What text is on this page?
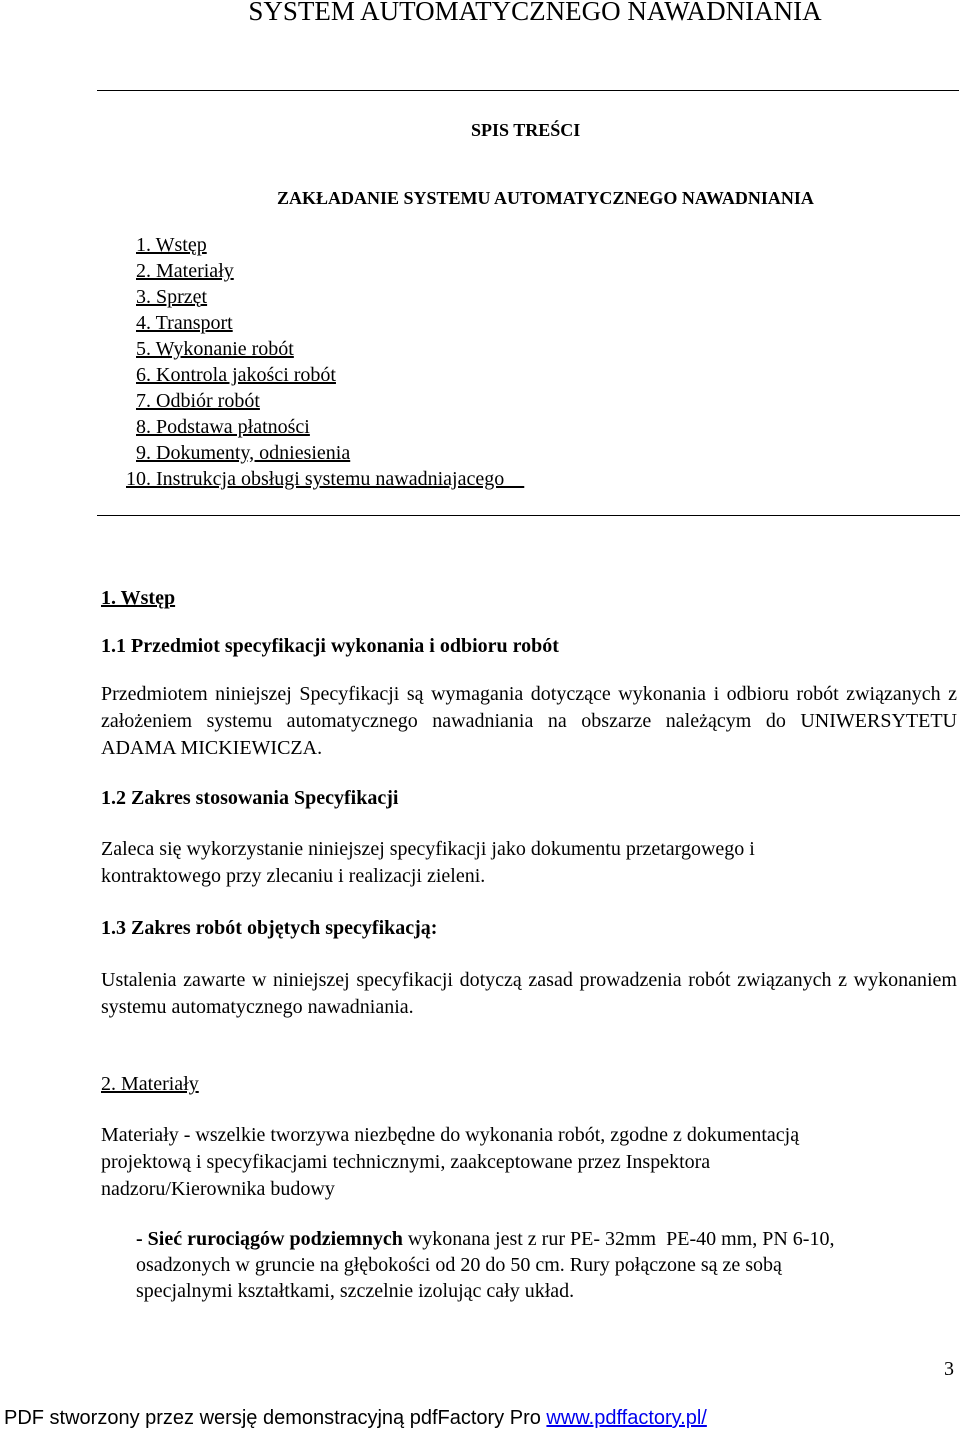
SYSTEM AUTOMATYCZNEGO NAWADNIANIA
SPIS TREŚCI
ZAKŁADANIE SYSTEMU AUTOMATYCZNEGO NAWADNIANIA
1. Wstęp
2. Materiały
3. Sprzęt
4. Transport
5. Wykonanie robót
6. Kontrola jakości robót
7. Odbiór robót
8. Podstawa płatności
9. Dokumenty, odniesienia
10. Instrukcja obsługi systemu nawadniajacego
1. Wstęp
1.1 Przedmiot specyfikacji wykonania i odbioru robót
Przedmiotem niniejszej Specyfikacji są wymagania dotyczące wykonania i odbioru robót związanych z założeniem systemu automatycznego nawadniania na obszarze należącym do UNIWERSYTETU ADAMA MICKIEWICZA.
1.2 Zakres stosowania Specyfikacji
Zaleca się wykorzystanie niniejszej specyfikacji jako dokumentu przetargowego i
kontraktowego przy zlecaniu i realizacji zieleni.
1.3 Zakres robót objętych specyfikacją:
Ustalenia zawarte w niniejszej specyfikacji dotyczą zasad prowadzenia robót związanych z wykonaniem systemu automatycznego nawadniania.
2. Materiały
Materiały - wszelkie tworzywa niezbędne do wykonania robót, zgodne z dokumentacją
projektową i specyfikacjami technicznymi, zaakceptowane przez Inspektora
nadzoru/Kierownika budowy
- Sieć rurociągów podziemnych wykonana jest z rur PE- 32mm  PE-40 mm, PN 6-10,
osadzonych w gruncie na głębokości od 20 do 50 cm. Rury połączone są ze sobą
specjalnymi kształtkami, szczelnie izolując cały układ.
3
PDF stworzony przez wersję demonstracyjną pdfFactory Pro www.pdffactory.pl/
